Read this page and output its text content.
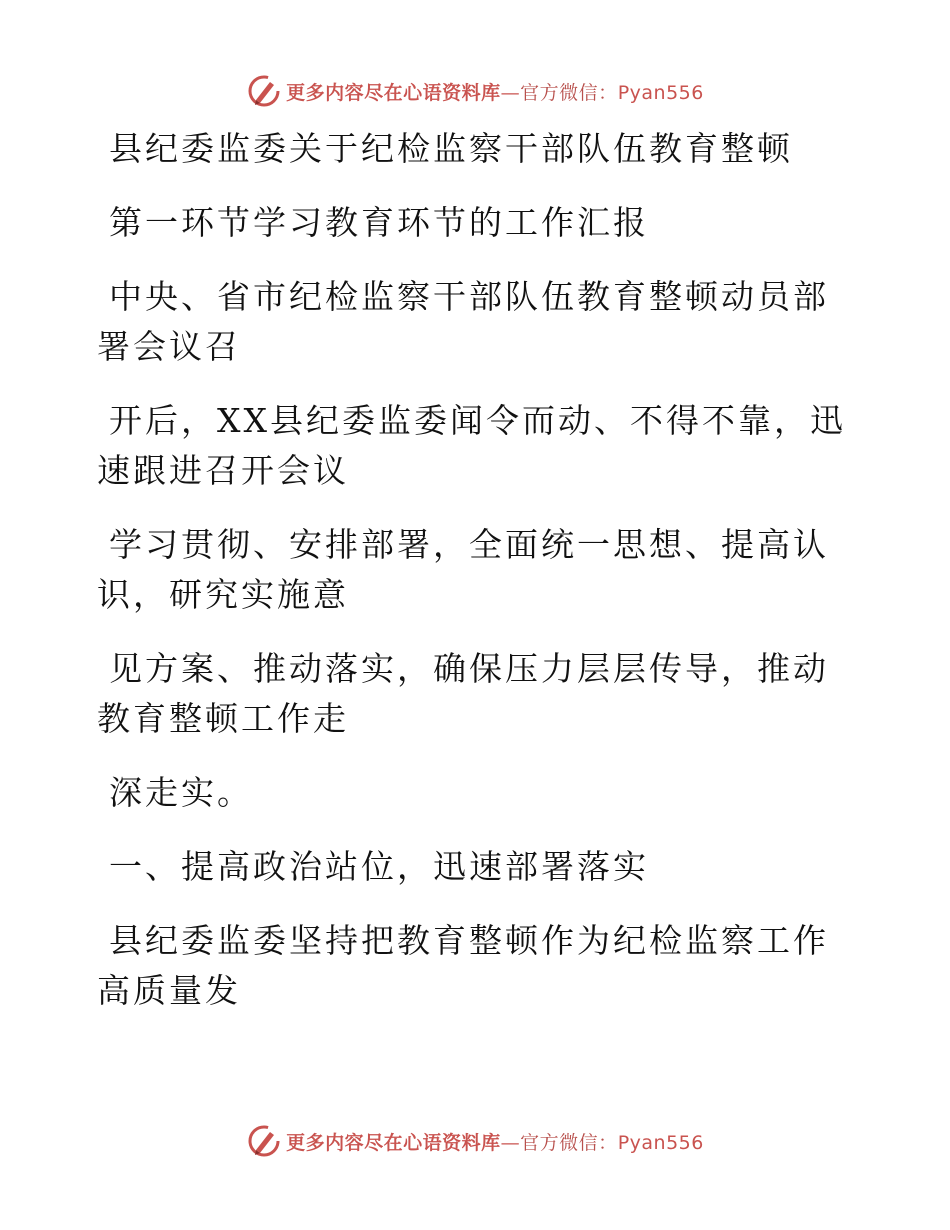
更多内容尽在心语资料库—官方微信：Pyan556

县纪委监委关于纪检监察干部队伍教育整顿

第一环节学习教育环节的工作汇报

中央、省市纪检监察干部队伍教育整顿动员部署会议召

开后，XX县纪委监委闻令而动、不得不靠，迅速跟进召开会议

学习贯彻、安排部署，全面统一思想、提高认识，研究实施意

见方案、推动落实，确保压力层层传导，推动教育整顿工作走

深走实。

一、提高政治站位，迅速部署落实

县纪委监委坚持把教育整顿作为纪检监察工作高质量发

更多内容尽在心语资料库—官方微信：Pyan556
